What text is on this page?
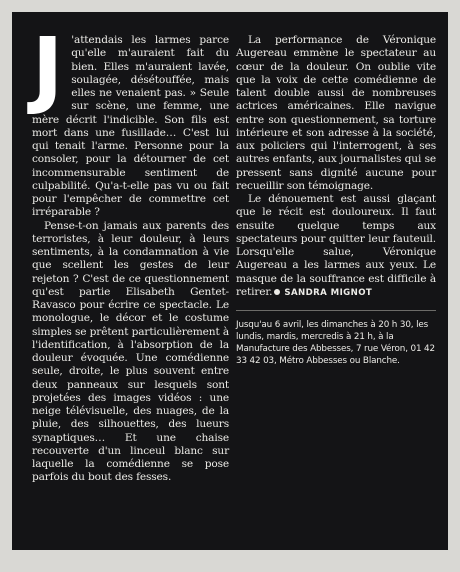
J 'attendais les larmes parce qu'elle m'auraient fait du bien. Elles m'auraient lavée, soulagée, désétouffée, mais elles ne venaient pas. » Seule sur scène, une femme, une mère décrit l'indicible. Son fils est mort dans une fusillade… C'est lui qui tenait l'arme. Personne pour la consoler, pour la détourner de cet incommensurable sentiment de culpabilité. Qu'a-t-elle pas vu ou fait pour l'empêcher de commettre cet irréparable ?

Pense-t-on jamais aux parents des terroristes, à leur douleur, à leurs sentiments, à la condamnation à vie que scellent les gestes de leur rejeton ? C'est de ce questionnement qu'est partie Elisabeth Gentet-Ravasco pour écrire ce spectacle. Le monologue, le décor et le costume simples se prêtent particulièrement à l'identification, à l'absorption de la douleur évoquée. Une comédienne seule, droite, le plus souvent entre deux panneaux sur lesquels sont projetées des images vidéos : une neige télévisuelle, des nuages, de la pluie, des silhouettes, des lueurs synaptiques… Et une chaise recouverte d'un linceul blanc sur laquelle la comédienne se pose parfois du bout des fesses.

La performance de Véronique Augereau emmène le spectateur au cœur de la douleur. On oublie vite que la voix de cette comédienne de talent double aussi de nombreuses actrices américaines. Elle navigue entre son questionnement, sa torture intérieure et son adresse à la société, aux policiers qui l'interrogent, à ses autres enfants, aux journalistes qui se pressent sans dignité aucune pour recueillir son témoignage.

Le dénouement est aussi glaçant que le récit est douloureux. Il faut ensuite quelque temps aux spectateurs pour quitter leur fauteuil. Lorsqu'elle salue, Véronique Augereau a les larmes aux yeux. Le masque de la souffrance est difficile à retirer. SANDRA MIGNOT

Jusqu'au 6 avril, les dimanches à 20 h 30, les lundis, mardis, mercredis à 21 h, à la Manufacture des Abbesses, 7 rue Véron, 01 42 33 42 03, Métro Abbesses ou Blanche.
